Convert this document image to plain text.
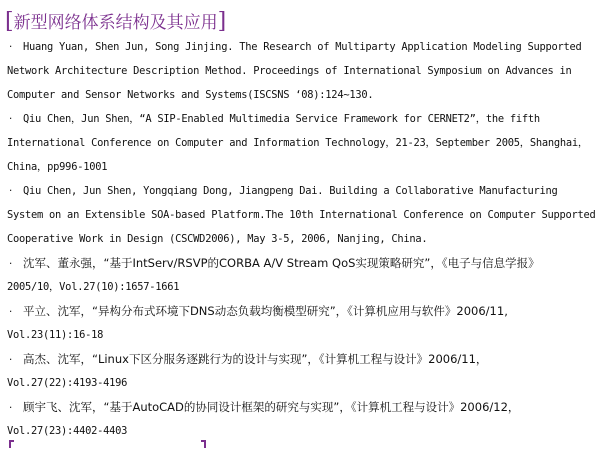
[新型网络体系结构及其应用]
· Huang Yuan, Shen Jun, Song Jinjing. The Research of Multiparty Application Modeling Supported
Network Architecture Description Method. Proceedings of International Symposium on Advances in
Computer and Sensor Networks and Systems(ISCSNS ‘08):124~130.
· Qiu Chen，Jun Shen，“A SIP-Enabled Multimedia Service Framework for CERNET2”，the fifth
International Conference on Computer and Information Technology，21-23，September 2005，Shanghai，
China，pp996-1001
· Qiu Chen, Jun Shen, Yongqiang Dong, Jiangpeng Dai. Building a Collaborative Manufacturing
System on an Extensible SOA-based Platform.The 10th International Conference on Computer Supported
Cooperative Work in Design (CSCWD2006), May 3-5, 2006, Nanjing, China.
· 沈军、董永强，“基于IntServ/RSVP的CORBA A/V Stream QoS实现策略研究”，《电子与信息学报》
2005/10，Vol.27(10):1657-1661
· 平立、沈军，“异构分布式环境下DNS动态负载均衡模型研究”，《计算机应用与软件》2006/11,
Vol.23(11):16-18
· 高杰、沈军，“Linux下区分服务逐跳行为的设计与实现”，《计算机工程与设计》2006/11，
Vol.27(22):4193-4196
· 顾宇飞、沈军，“基于AutoCAD的协同设计框架的研究与实现”，《计算机工程与设计》2006/12，
Vol.27(23):4402-4403
